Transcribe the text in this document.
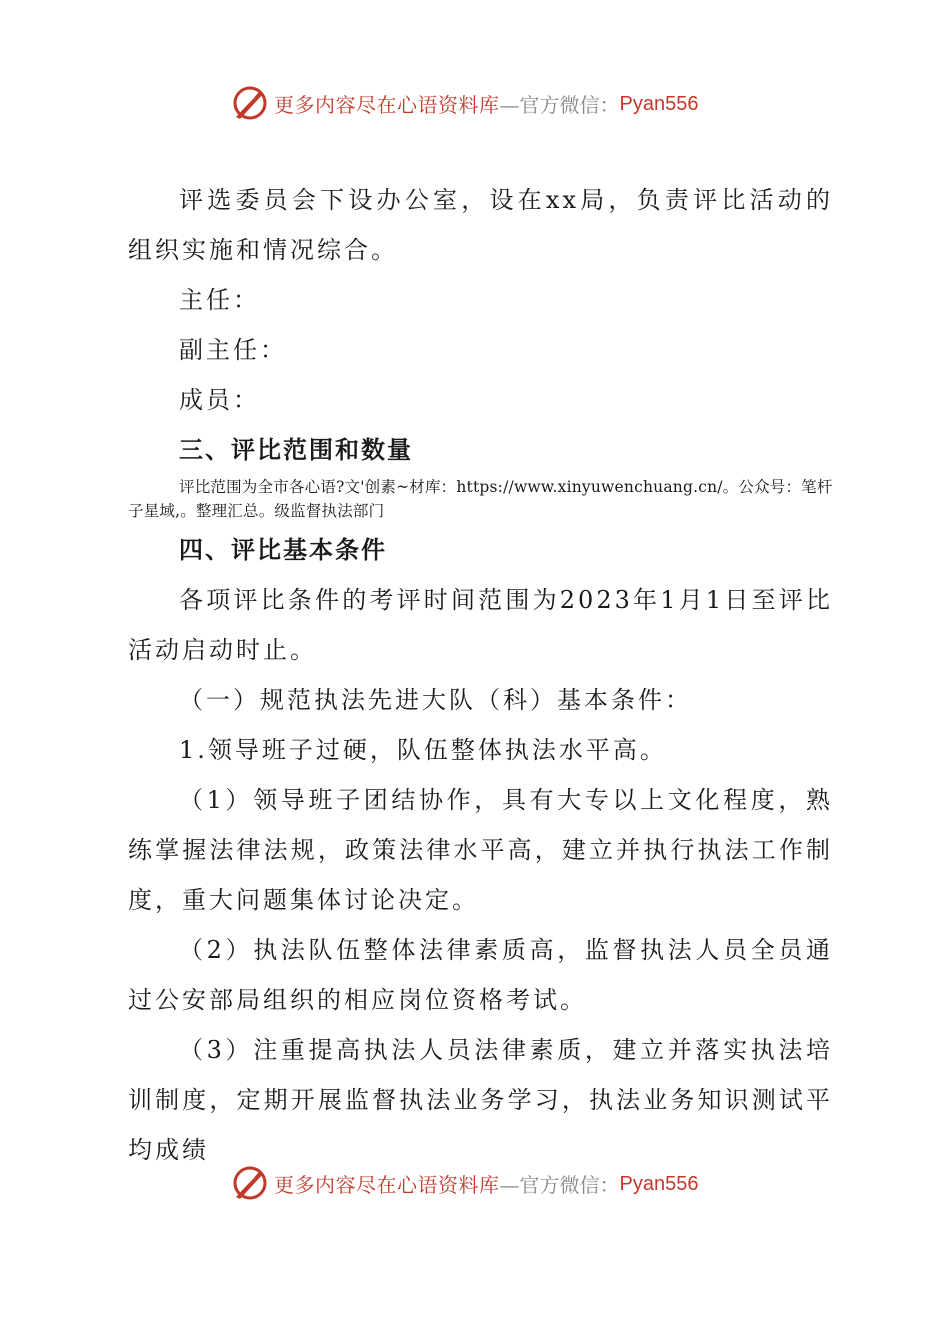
更多内容尽在心语资料库 —官方微信： Pyan556

评选委员会下设办公室，设在xx局，负责评比活动的组织实施和情况综合。

主任：

副主任：

成员：

三、评比范围和数量

评比范围为全市各心语?文'创素~材库：https://www.xinyuwenchuang.cn/。公众号：笔杆子星域,。整理汇总。级监督执法部门

四、评比基本条件

各项评比条件的考评时间范围为2023年1月1日至评比活动启动时止。

（一）规范执法先进大队（科）基本条件：

1.领导班子过硬，队伍整体执法水平高。

（1）领导班子团结协作，具有大专以上文化程度，熟练掌握法律法规，政策法律水平高，建立并执行执法工作制度，重大问题集体讨论决定。

（2）执法队伍整体法律素质高，监督执法人员全员通过公安部局组织的相应岗位资格考试。

（3）注重提高执法人员法律素质，建立并落实执法培训制度，定期开展监督执法业务学习，执法业务知识测试平均成绩

更多内容尽在心语资料库 —官方微信： Pyan556
